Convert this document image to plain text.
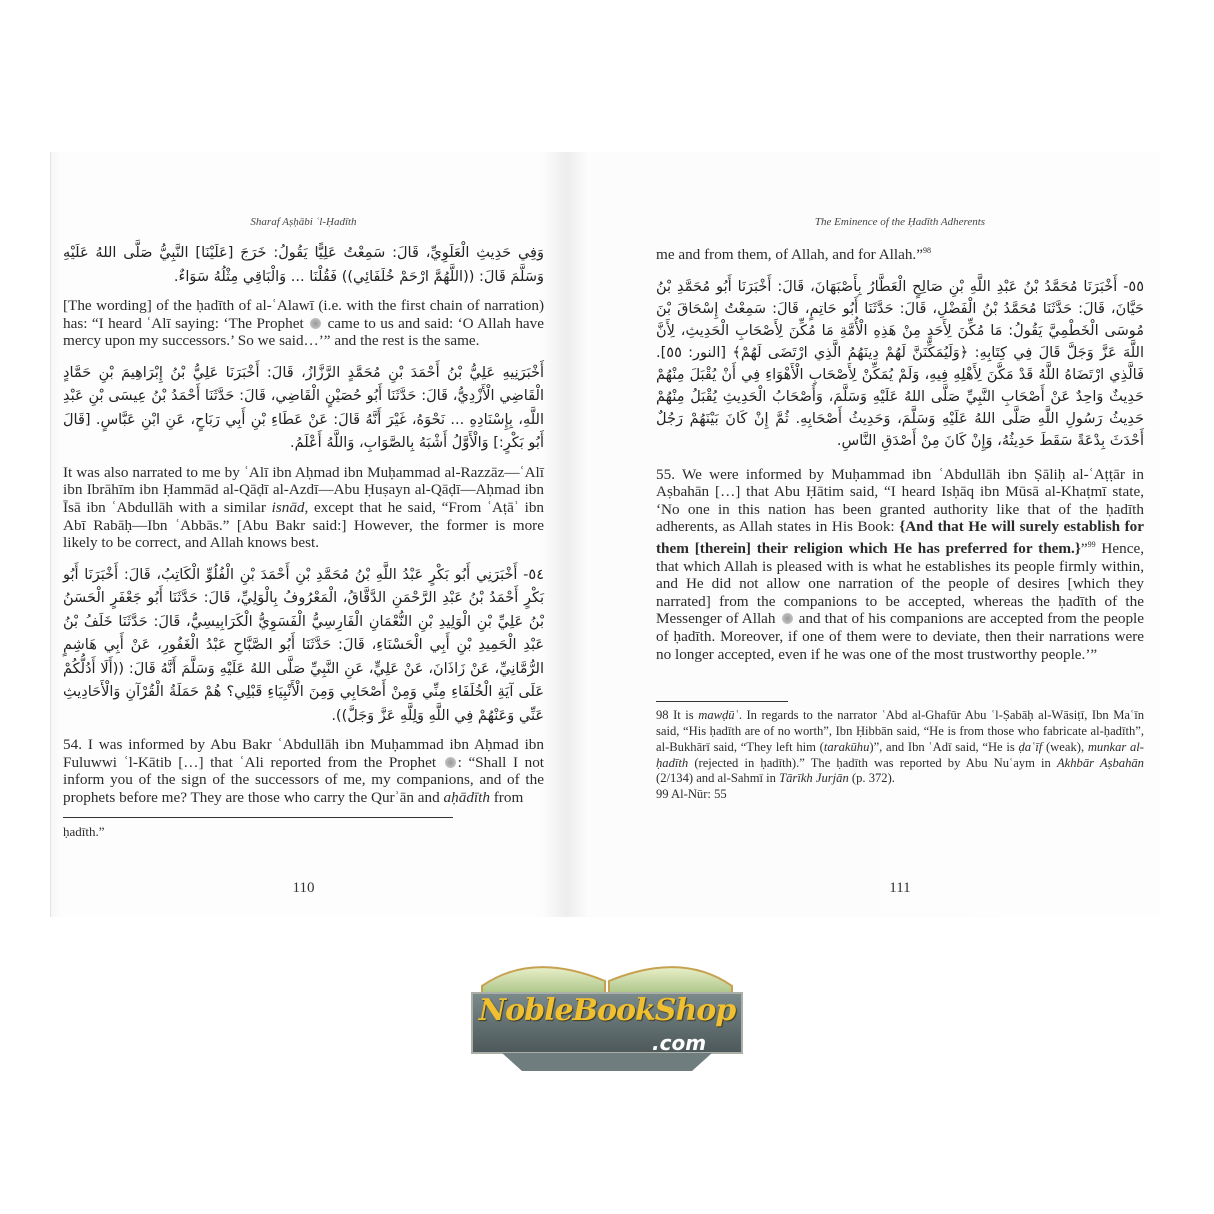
Sharaf Aṣḥābi ʿl-Ḥadīth
وَفِي حَدِيثِ الْعَلَوِيِّ، قَالَ: سَمِعْتُ عَلِيًّا يَقُولُ: خَرَجَ [عَلَيْنَا] النَّبِيُّ صَلَّى اللهُ عَلَيْهِ وَسَلَّمَ قَالَ: ((اللَّهُمَّ ارْحَمْ خُلَفَائِي)) فَقُلْنَا ... وَالْبَاقِي مِثْلُهُ سَوَاءٌ.
[The wording] of the ḥadīth of al-ʿAlawī (i.e. with the first chain of narration) has: “I heard ʿAlī saying: ‘The Prophet came to us and said: ‘O Allah have mercy upon my successors.’ So we said…’” and the rest is the same.
أَخْبَرَنِيهِ عَلِيُّ بْنُ أَحْمَدَ بْنِ مُحَمَّدٍ الرَّزَّازُ، قَالَ: أَخْبَرَنَا عَلِيُّ بْنُ إِبْرَاهِيمَ بْنِ حَمَّادٍ الْقَاضِي الْأَزْدِيُّ، قَالَ: حَدَّثَنَا أَبُو حُصَيْنٍ الْقَاضِي، قَالَ: حَدَّثَنَا أَحْمَدُ بْنُ عِيسَى بْنِ عَبْدِ اللَّهِ، بِإِسْنَادِهِ ... نَحْوَهُ، غَيْرَ أَنَّهُ قَالَ: عَنْ عَطَاءِ بْنِ أَبِي رَبَاحٍ، عَنِ ابْنِ عَبَّاسٍ. [قَالَ أَبُو بَكْرٍ:] وَالْأَوَّلُ أَشْبَهُ بِالصَّوَابِ، وَاللَّهُ أَعْلَمُ.
It was also narrated to me by ʿAlī ibn Aḥmad ibn Muḥammad al-Razzāz—ʿAlī ibn Ibrāhīm ibn Ḥammād al-Qāḍī al-Azdī—Abu Ḥuṣayn al-Qāḍī—Aḥmad ibn Īsā ibn ʿAbdullāh with a similar isnād, except that he said, “From ʿAṭāʾ ibn Abī Rabāḥ—Ibn ʿAbbās.” [Abu Bakr said:] However, the former is more likely to be correct, and Allah knows best.
٥٤- أَخْبَرَنِي أَبُو بَكْرٍ عَبْدُ اللَّهِ بْنُ مُحَمَّدِ بْنِ أَحْمَدَ بْنِ الْفُلُوِّ الْكَاتِبُ، قَالَ: أَخْبَرَنَا أَبُو بَكْرٍ أَحْمَدُ بْنُ عَبْدِ الرَّحْمَنِ الدَّقَّاقُ، الْمَعْرُوفُ بِالْوَلِيِّ، قَالَ: حَدَّثَنَا أَبُو جَعْفَرٍ الْحَسَنُ بْنُ عَلِيِّ بْنِ الْوَلِيدِ بْنِ النُّعْمَانِ الْفَارِسِيُّ الْفَسَوِيُّ الْكَرَابِيسِيُّ، قَالَ: حَدَّثَنَا خَلَفُ بْنُ عَبْدِ الْحَمِيدِ بْنِ أَبِي الْحَسْنَاءِ، قَالَ: حَدَّثَنَا أَبُو الصَّبَّاحِ عَبْدُ الْغَفُورِ، عَنْ أَبِي هَاشِمٍ الرُّمَّانِيِّ، عَنْ زَاذَانَ، عَنْ عَلِيٍّ، عَنِ النَّبِيِّ صَلَّى اللهُ عَلَيْهِ وَسَلَّمَ أَنَّهُ قَالَ: ((أَلَا أَدُلُّكُمْ عَلَى آيَةِ الْخُلَفَاءِ مِنِّي وَمِنْ أَصْحَابِي وَمِنَ الْأَنْبِيَاءِ قَبْلِي؟ هُمْ حَمَلَةُ الْقُرْآنِ وَالْأَحَادِيثِ عَنِّي وَعَنْهُمْ فِي اللَّهِ وَلِلَّهِ عَزَّ وَجَلَّ)).
54. I was informed by Abu Bakr ʿAbdullāh ibn Muḥammad ibn Aḥmad ibn Fuluwwi ʿl-Kātib […] that ʿAli reported from the Prophet : “Shall I not inform you of the sign of the successors of me, my companions, and of the prophets before me? They are those who carry the Qurʾān and aḥādīth from
ḥadīth.”
110
The Eminence of the Ḥadīth Adherents
me and from them, of Allah, and for Allah.”$^{98}$
٥٥- أَخْبَرَنَا مُحَمَّدُ بْنُ عَبْدِ اللَّهِ بْنِ صَالِحٍ الْعَطَّارُ بِأَصْبَهَانَ، قَالَ: أَخْبَرَنَا أَبُو مُحَمَّدِ بْنُ حَيَّانَ، قَالَ: حَدَّثَنَا مُحَمَّدُ بْنُ الْفَضْلِ، قَالَ: حَدَّثَنَا أَبُو حَاتِمٍ، قَالَ: سَمِعْتُ إِسْحَاقَ بْنَ مُوسَى الْخَطْمِيَّ يَقُولُ: مَا مُكِّنَ لِأَحَدٍ مِنْ هَذِهِ الْأُمَّةِ مَا مُكِّنَ لِأَصْحَابِ الْحَدِيثِ، لِأَنَّ اللَّهَ عَزَّ وَجَلَّ قَالَ فِي كِتَابِهِ: ﴿وَلَيُمَكِّنَنَّ لَهُمْ دِينَهُمُ الَّذِي ارْتَضَى لَهُمْ﴾ [النور: ٥٥]. فَالَّذِي ارْتَضَاهُ اللَّهُ قَدْ مَكَّنَ لِأَهْلِهِ فِيهِ، وَلَمْ يُمَكِّنْ لِأَصْحَابِ الْأَهْوَاءِ فِي أَنْ يُقْبَلَ مِنْهُمْ حَدِيثٌ وَاحِدٌ عَنْ أَصْحَابِ النَّبِيِّ صَلَّى اللهُ عَلَيْهِ وَسَلَّمَ، وَأَصْحَابُ الْحَدِيثِ يُقْبَلُ مِنْهُمْ حَدِيثُ رَسُولِ اللَّهِ صَلَّى اللهُ عَلَيْهِ وَسَلَّمَ، وَحَدِيثُ أَصْحَابِهِ. ثُمَّ إِنْ كَانَ بَيْنَهُمْ رَجُلٌ أَحْدَثَ بِدْعَةً سَقَطَ حَدِيثُهُ، وَإِنْ كَانَ مِنْ أَصْدَقِ النَّاسِ.
55. We were informed by Muḥammad ibn ʿAbdullāh ibn Ṣāliḥ al-ʿAṭṭār in Aṣbahān […] that Abu Ḥātim said, “I heard Isḥāq ibn Mūsā al-Khaṭmī state, ‘No one in this nation has been granted authority like that of the ḥadīth adherents, as Allah states in His Book: {And that He will surely establish for them [therein] their religion which He has preferred for them.}”$^{99}$ Hence, that which Allah is pleased with is what he establishes its people firmly within, and He did not allow one narration of the people of desires [which they narrated] from the companions to be accepted, whereas the ḥadīth of the Messenger of Allah and that of his companions are accepted from the people of ḥadīth. Moreover, if one of them were to deviate, then their narrations were no longer accepted, even if he was one of the most trustworthy people.’”
98 It is mawḍūʿ. In regards to the narrator ʿAbd al-Ghafūr Abu ʿl-Ṣabāḥ al-Wāsiṭī, Ibn Maʿīn said, “His ḥadīth are of no worth”, Ibn Ḥibbān said, “He is from those who fabricate al-ḥadīth”, al-Bukhārī said, “They left him (tarakūhu)”, and Ibn ʿAdī said, “He is ḍaʿīf (weak), munkar al-ḥadīth (rejected in ḥadīth).” The ḥadīth was reported by Abu Nuʿaym in Akhbār Aṣbahān (2/134) and al-Sahmī in Tārīkh Jurjān (p. 372).
99 Al-Nūr: 55
111
NobleBookShop
.com
